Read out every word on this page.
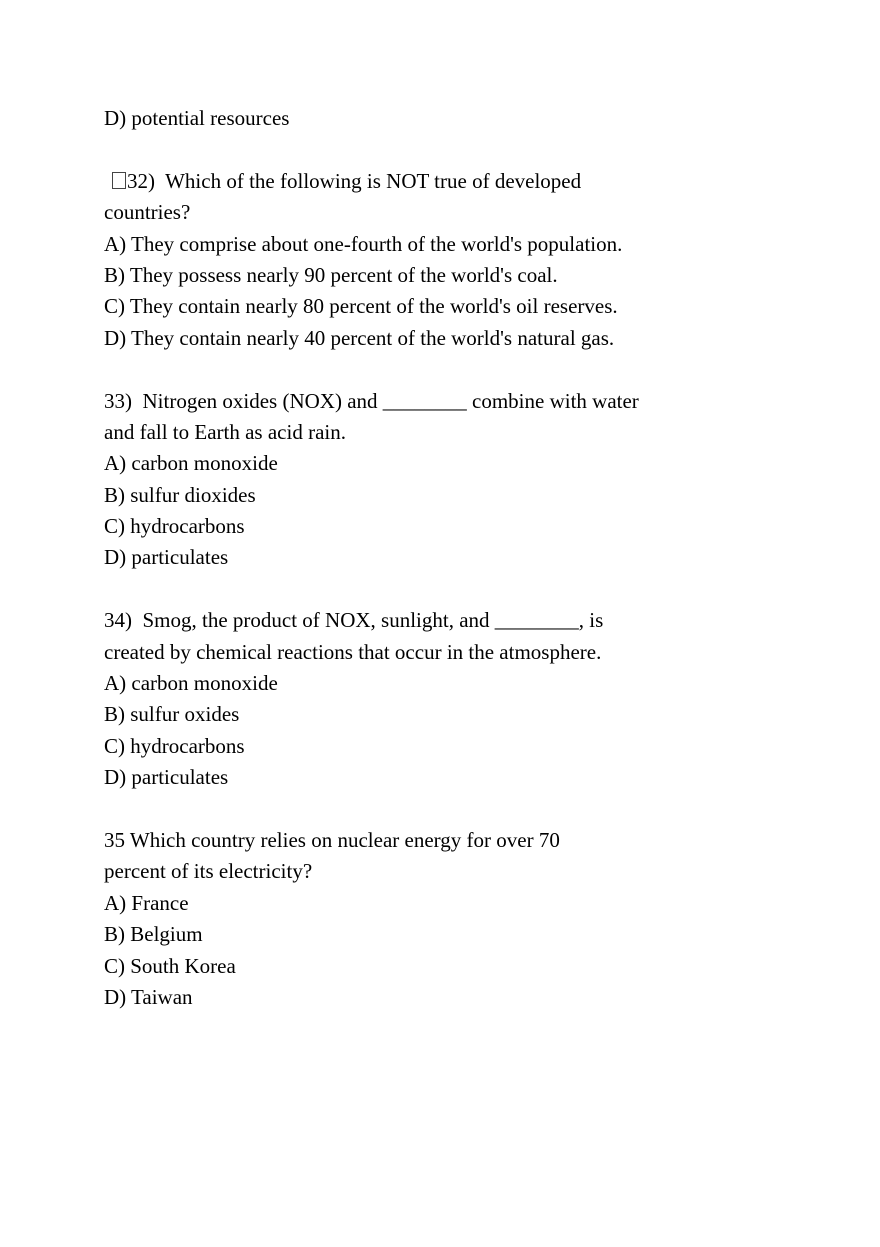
D) potential resources
32)  Which of the following is NOT true of developed
countries?
A) They comprise about one-fourth of the world's population.
B) They possess nearly 90 percent of the world's coal.
C) They contain nearly 80 percent of the world's oil reserves.
D) They contain nearly 40 percent of the world's natural gas.
33)  Nitrogen oxides (NOX) and ________ combine with water
and fall to Earth as acid rain.
A) carbon monoxide
B) sulfur dioxides
C) hydrocarbons
D) particulates
34)  Smog, the product of NOX, sunlight, and ________, is
created by chemical reactions that occur in the atmosphere.
A) carbon monoxide
B) sulfur oxides
C) hydrocarbons
D) particulates
35 Which country relies on nuclear energy for over 70
percent of its electricity?
A) France
B) Belgium
C) South Korea
D) Taiwan
